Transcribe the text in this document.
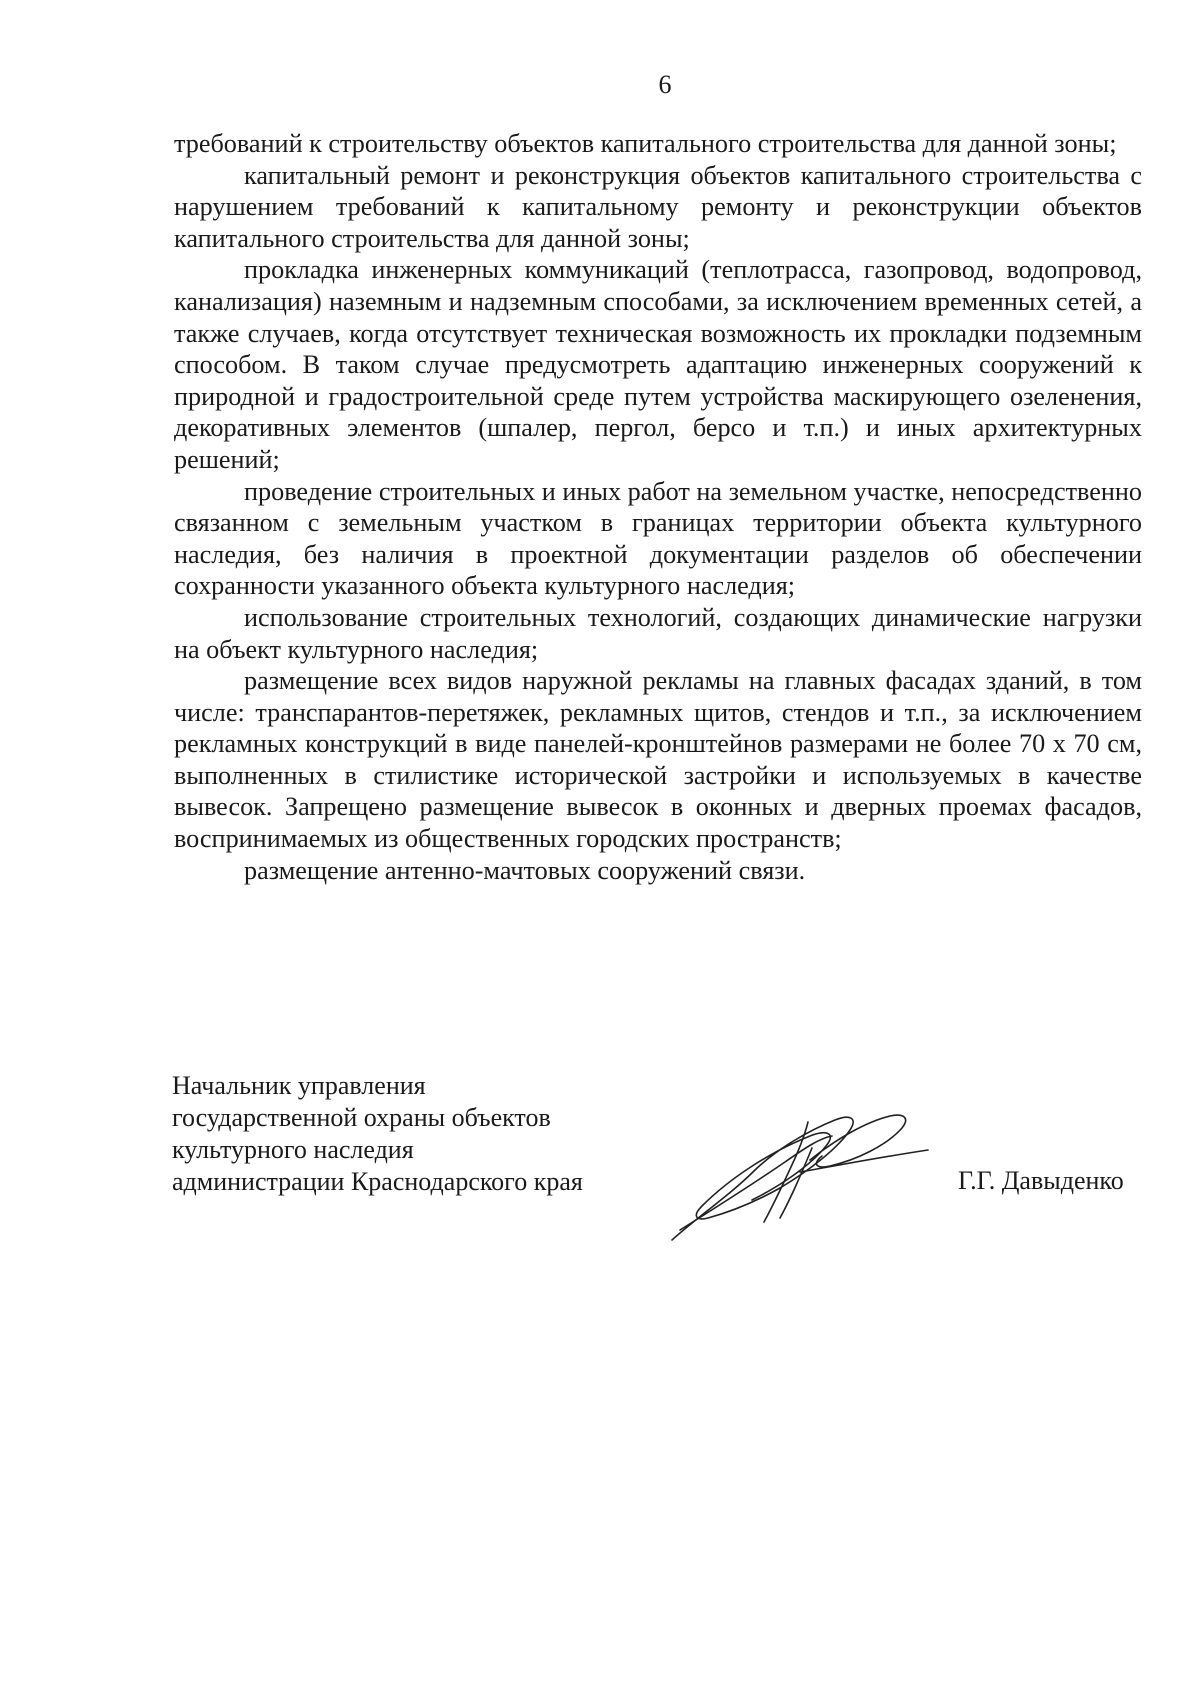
6

требований к строительству объектов капитального строительства для данной зоны;

капитальный ремонт и реконструкция объектов капитального строительства с нарушением требований к капитальному ремонту и реконструкции объектов капитального строительства для данной зоны;

прокладка инженерных коммуникаций (теплотрасса, газопровод, водопровод, канализация) наземным и надземным способами, за исключением временных сетей, а также случаев, когда отсутствует техническая возможность их прокладки подземным способом. В таком случае предусмотреть адаптацию инженерных сооружений к природной и градостроительной среде путем устройства маскирующего озеленения, декоративных элементов (шпалер, пергол, берсо и т.п.) и иных архитектурных решений;

проведение строительных и иных работ на земельном участке, непосредственно связанном с земельным участком в границах территории объекта культурного наследия, без наличия в проектной документации разделов об обеспечении сохранности указанного объекта культурного наследия;

использование строительных технологий, создающих динамические нагрузки на объект культурного наследия;

размещение всех видов наружной рекламы на главных фасадах зданий, в том числе: транспарантов-перетяжек, рекламных щитов, стендов и т.п., за исключением рекламных конструкций в виде панелей-кронштейнов размерами не более 70 х 70 см, выполненных в стилистике исторической застройки и используемых в качестве вывесок. Запрещено размещение вывесок в оконных и дверных проемах фасадов, воспринимаемых из общественных городских пространств;

размещение антенно-мачтовых сооружений связи.

Начальник управления
государственной охраны объектов
культурного наследия
администрации Краснодарского края	Г.Г. Давыденко
